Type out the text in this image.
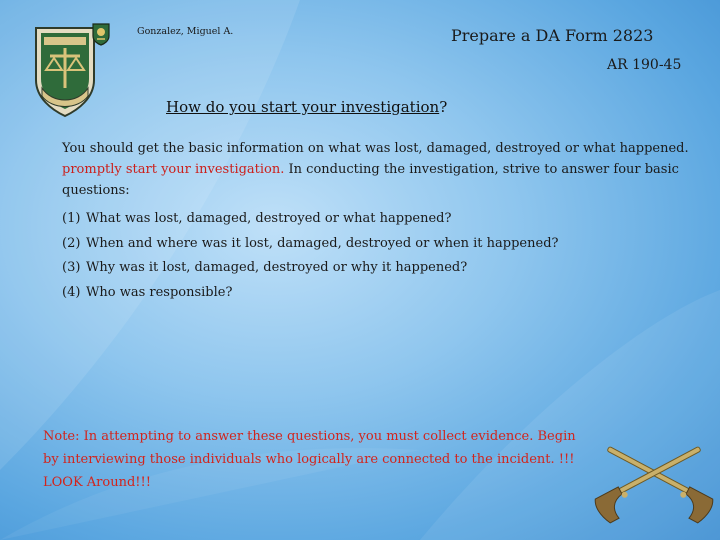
Gonzalez, Miguel A.	Prepare a DA Form 2823
AR 190-45
How do you start your investigation?
You should get the basic information on what was lost, damaged, destroyed or what happened. promptly start your investigation. In conducting the investigation, strive to answer four basic questions:
(1) What was lost, damaged, destroyed or what happened?
(2) When and where was it lost, damaged, destroyed or when it happened?
(3) Why was it lost, damaged, destroyed or why it happened?
(4) Who was responsible?
Note: In attempting to answer these questions, you must collect evidence. Begin by interviewing those individuals who logically are connected to the incident. !!! LOOK Around!!!
